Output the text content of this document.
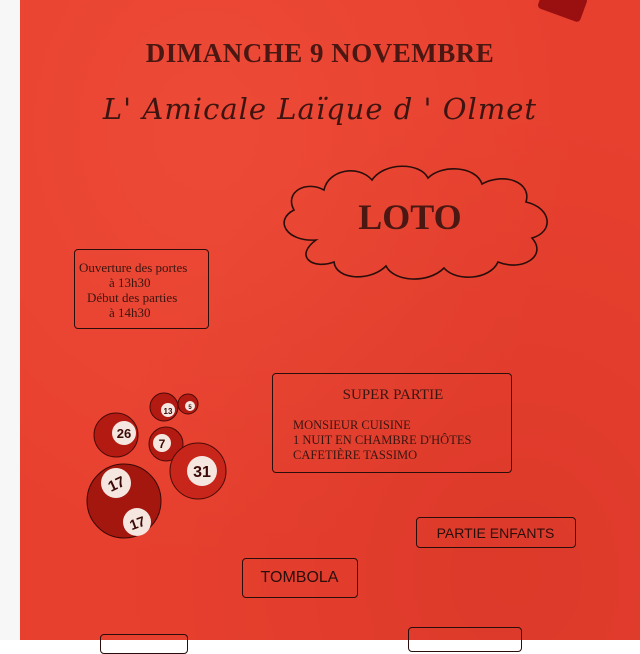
DIMANCHE 9 NOVEMBRE
L' Amicale Laïque d ' Olmet
LOTO
Ouverture des portes
à 13h30
Début des parties
à 14h30
13	5
26
7
31
17
17
SUPER PARTIE
MONSIEUR CUISINE
1 NUIT EN CHAMBRE D'HÔTES
CAFETIÈRE TASSIMO
PARTIE ENFANTS
TOMBOLA
